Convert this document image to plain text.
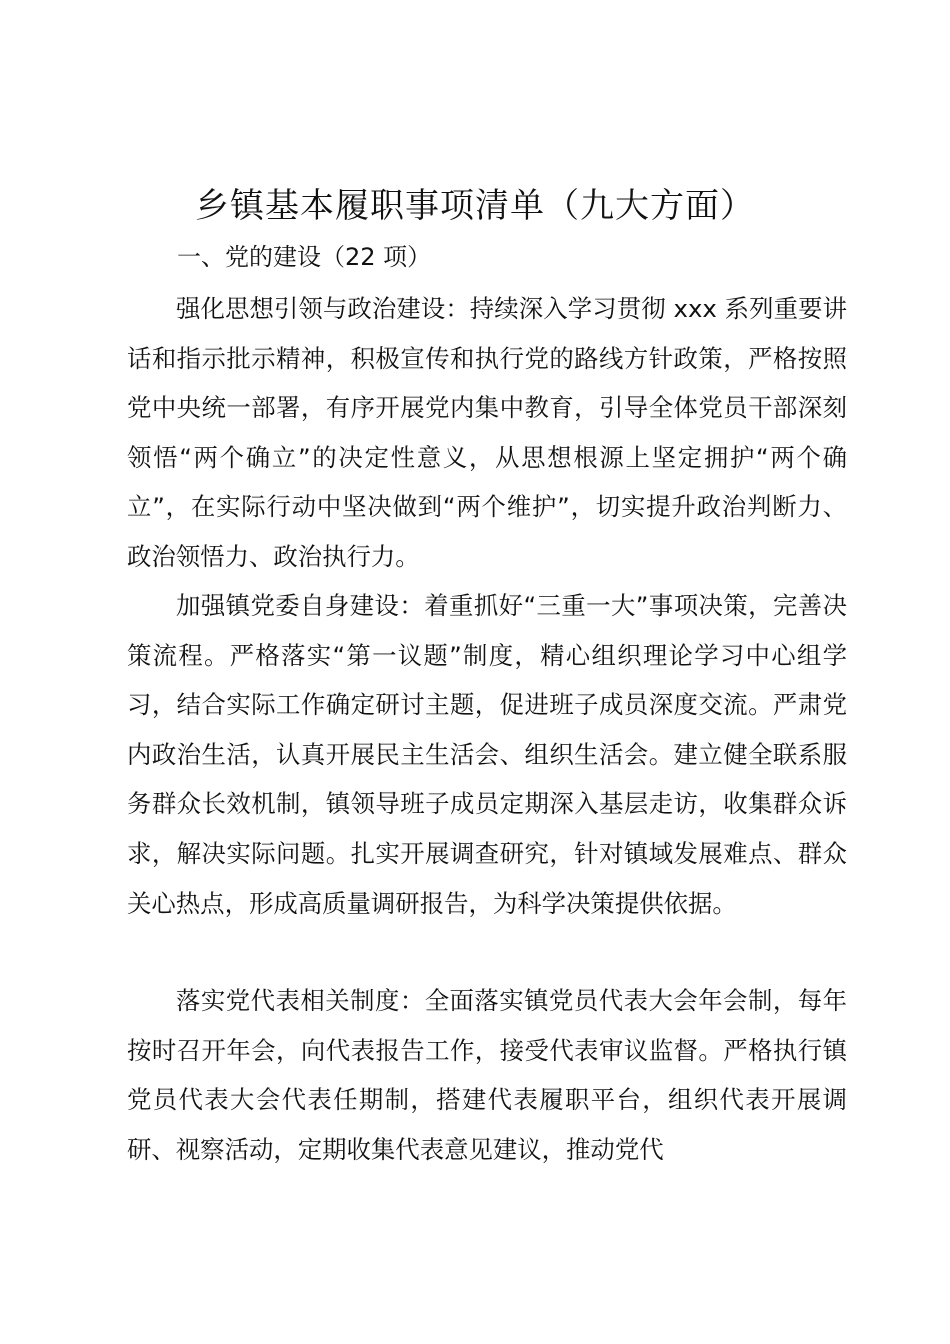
乡镇基本履职事项清单（九大方面）
一、党的建设（22 项）

强化思想引领与政治建设：持续深入学习贯彻 xxx 系列重要讲话和指示批示精神，积极宣传和执行党的路线方针政策，严格按照党中央统一部署，有序开展党内集中教育，引导全体党员干部深刻领悟“两个确立”的决定性意义，从思想根源上坚定拥护“两个确立”，在实际行动中坚决做到“两个维护”，切实提升政治判断力、政治领悟力、政治执行力。

加强镇党委自身建设：着重抓好“三重一大”事项决策，完善决策流程。严格落实“第一议题”制度，精心组织理论学习中心组学习，结合实际工作确定研讨主题，促进班子成员深度交流。严肃党内政治生活，认真开展民主生活会、组织生活会。建立健全联系服务群众长效机制，镇领导班子成员定期深入基层走访，收集群众诉求，解决实际问题。扎实开展调查研究，针对镇域发展难点、群众关心热点，形成高质量调研报告，为科学决策提供依据。

落实党代表相关制度：全面落实镇党员代表大会年会制，每年按时召开年会，向代表报告工作，接受代表审议监督。严格执行镇党员代表大会代表任期制，搭建代表履职平台，组织代表开展调研、视察活动，定期收集代表意见建议，推动党代
